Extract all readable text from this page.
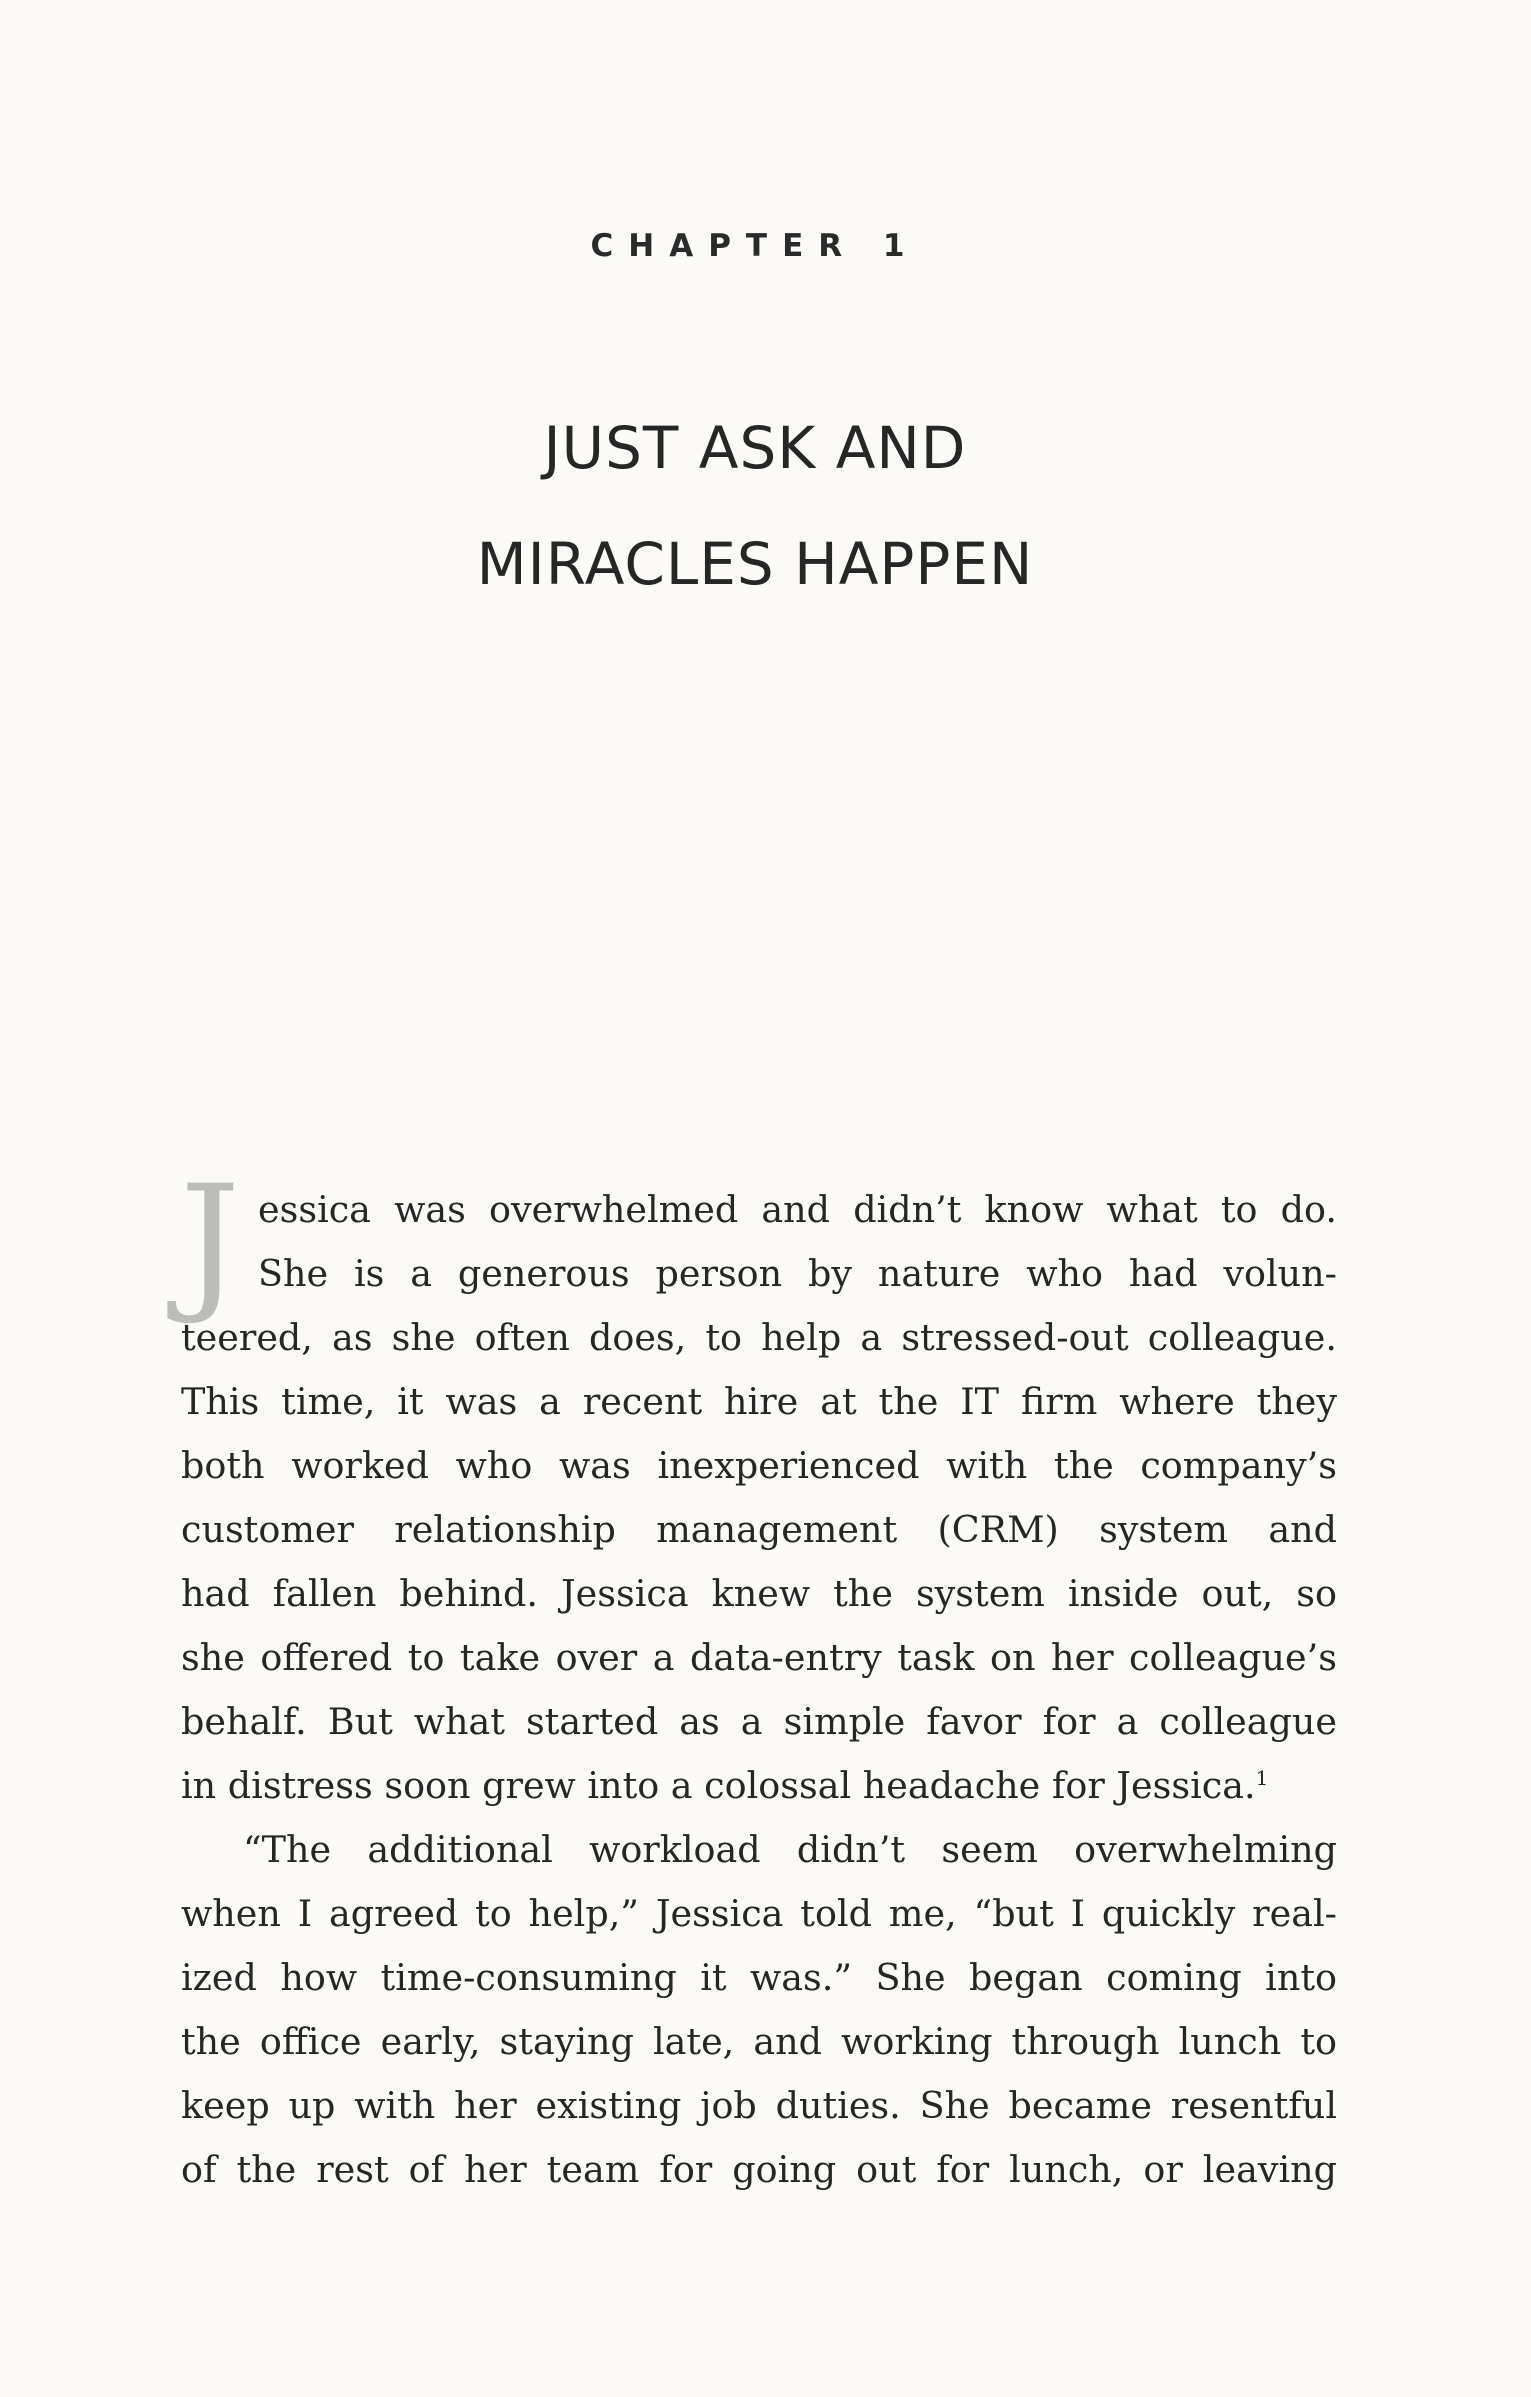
CHAPTER 1
JUST ASK AND
MIRACLES HAPPEN
J essica was overwhelmed and didn’t know what to do.
She is a generous person by nature who had volun-
teered, as she often does, to help a stressed-out colleague.
This time, it was a recent hire at the IT firm where they
both worked who was inexperienced with the company’s
customer relationship management (CRM) system and
had fallen behind. Jessica knew the system inside out, so
she offered to take over a data-entry task on her colleague’s
behalf. But what started as a simple favor for a colleague
in distress soon grew into a colossal headache for Jessica.$^1$
“The additional workload didn’t seem overwhelming
when I agreed to help,” Jessica told me, “but I quickly real-
ized how time-consuming it was.” She began coming into
the office early, staying late, and working through lunch to
keep up with her existing job duties. She became resentful
of the rest of her team for going out for lunch, or leaving
